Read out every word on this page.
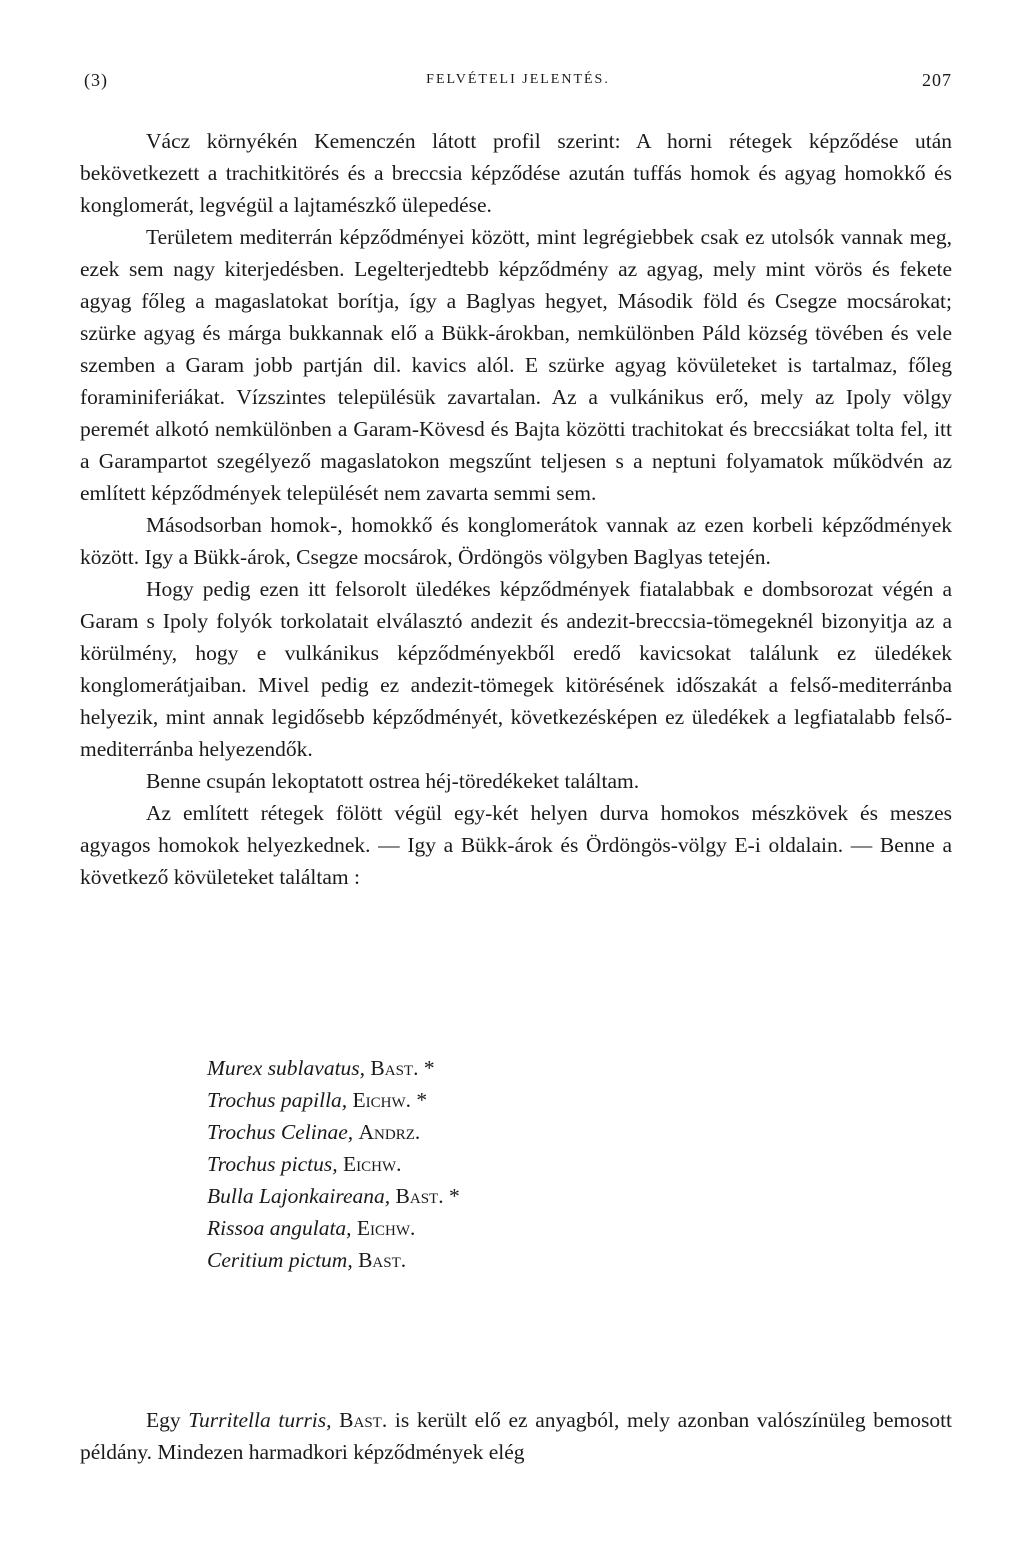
(3)	FELVÉTELI JELENTÉS.	207

Vácz környékén Kemenczén látott profil szerint: A horni rétegek képződése után bekövetkezett a trachitkitörés és a breccsia képződése azután tuffás homok és agyag homokkő és konglomerát, legvégül a lajtamészkő ülepedése.

Területem mediterrán képződményei között, mint legrégiebbek csak ez utolsók vannak meg, ezek sem nagy kiterjedésben. Legelterjedtebb képződmény az agyag, mely mint vörös és fekete agyag főleg a magaslatokat borítja, így a Baglyas hegyet, Második föld és Csegze mocsárokat; szürke agyag és márga bukkannak elő a Bükk-árokban, nemkülönben Páld község tövében és vele szemben a Garam jobb partján dil. kavics alól. E szürke agyag kövületeket is tartalmaz, főleg foraminiferiákat. Vízszintes településük zavartalan. Az a vulkánikus erő, mely az Ipoly völgy peremét alkotó nemkülönben a Garam-Kövesd és Bajta közötti trachitokat és breccsiákat tolta fel, itt a Garampartot szegélyező magaslatokon megszűnt teljesen s a neptuni folyamatok működvén az említett képződmények települését nem zavarta semmi sem.

Másodsorban homok-, homokkő és konglomerátok vannak az ezen korbeli képződmények között. Igy a Bükk-árok, Csegze mocsárok, Ördöngös völgyben Baglyas tetején.

Hogy pedig ezen itt felsorolt üledékes képződmények fiatalabbak e dombsorozat végén a Garam s Ipoly folyók torkolatait elválasztó andezit és andezit-breccsia-tömegeknél bizonyitja az a körülmény, hogy e vulkánikus képződményekből eredő kavicsokat találunk ez üledékek konglomerátjaiban. Mivel pedig ez andezit-tömegek kitörésének időszakát a felső-mediterránba helyezik, mint annak legidősebb képződményét, következésképen ez üledékek a legfiatalabb felső-mediterránba helyezendők.

Benne csupán lekoptatott ostrea héj-töredékeket találtam.

Az említett rétegek fölött végül egy-két helyen durva homokos mészkövek és meszes agyagos homokok helyezkednek. — Igy a Bükk-árok és Ördöngös-völgy E-i oldalain. — Benne a következő kövületeket találtam :

Murex sublavatus, Bast. *
Trochus papilla, Eichw. *
Trochus Celinae, Andrz.
Trochus pictus, Eichw.
Bulla Lajonkaireana, Bast. *
Rissoa angulata, Eichw.
Ceritium pictum, Bast.

Egy Turritella turris, Bast. is került elő ez anyagból, mely azonban valószínüleg bemosott példány. Mindezen harmadkori képződmények elég
